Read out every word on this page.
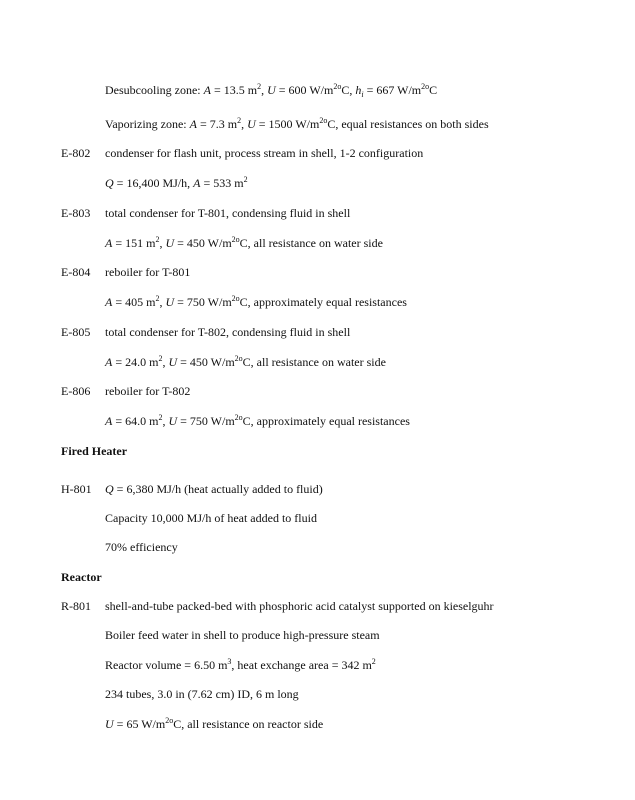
Desubcooling zone: A = 13.5 $m^2$, U = 600 $W/m^{2o}C$, $h_i = 667$ $W/m^{2o}C$
Vaporizing zone: A = 7.3 $m^2$, U = 1500 $W/m^{2o}C$, equal resistances on both sides
E-802 condenser for flash unit, process stream in shell, 1-2 configuration
Q = 16,400 MJ/h, A = 533 $m^2$
E-803 total condenser for T-801, condensing fluid in shell
A = 151 $m^2$, U = 450 $W/m^{2o}C$, all resistance on water side
E-804 reboiler for T-801
A = 405 $m^2$, U = 750 $W/m^{2o}C$, approximately equal resistances
E-805 total condenser for T-802, condensing fluid in shell
A = 24.0 $m^2$, U = 450 $W/m^{2o}C$, all resistance on water side
E-806 reboiler for T-802
A = 64.0 $m^2$, U = 750 $W/m^{2o}C$, approximately equal resistances
Fired Heater
H-801 Q = 6,380 MJ/h (heat actually added to fluid)
Capacity 10,000 MJ/h of heat added to fluid
70% efficiency
Reactor
R-801 shell-and-tube packed-bed with phosphoric acid catalyst supported on kieselguhr
Boiler feed water in shell to produce high-pressure steam
Reactor volume = 6.50 $m^3$, heat exchange area = 342 $m^2$
234 tubes, 3.0 in (7.62 cm) ID, 6 m long
U = 65 $W/m^{2o}C$, all resistance on reactor side
